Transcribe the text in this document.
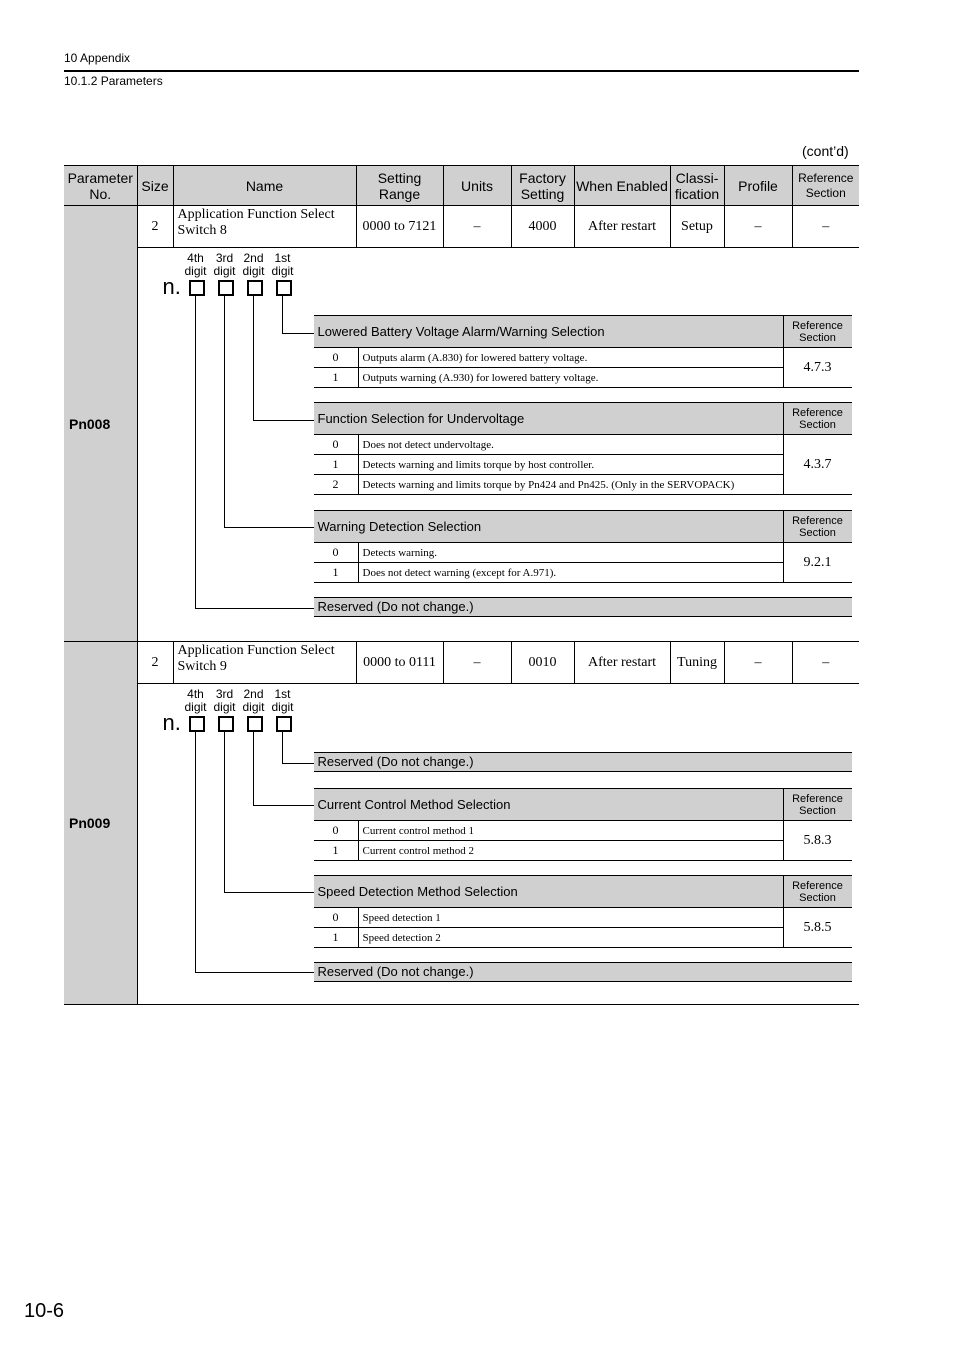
10 Appendix
10.1.2 Parameters
(cont’d)
Parameter No.	Size	Name	Setting Range	Units	Factory Setting	When Enabled	Classi- fication	Profile	Reference Section
Pn008	2	Application Function Select Switch 8	0000 to 7121	–	4000	After restart	Setup	–	–

4th digit
3rd digit
2nd digit
1st digit
n.
Lowered Battery Voltage Alarm/Warning Selection	Reference Section
0	Outputs alarm (A.830) for lowered battery voltage.	4.7.3
1	Outputs warning (A.930) for lowered battery voltage.
Function Selection for Undervoltage	Reference Section
0	Does not detect undervoltage.	4.3.7
1	Detects warning and limits torque by host controller.
2	Detects warning and limits torque by Pn424 and Pn425. (Only in the SERVOPACK)
Warning Detection Selection	Reference Section
0	Detects warning.	9.2.1
1	Does not detect warning (except for A.971).
Reserved (Do not change.)

Pn009	2	Application Function Select Switch 9	0000 to 0111	–	0010	After restart	Tuning	–	–

4th digit
3rd digit
2nd digit
1st digit
n.
Reserved (Do not change.)
Current Control Method Selection	Reference Section
0	Current control method 1	5.8.3
1	Current control method 2
Speed Detection Method Selection	Reference Section
0	Speed detection 1	5.8.5
1	Speed detection 2
Reserved (Do not change.)
10-6
